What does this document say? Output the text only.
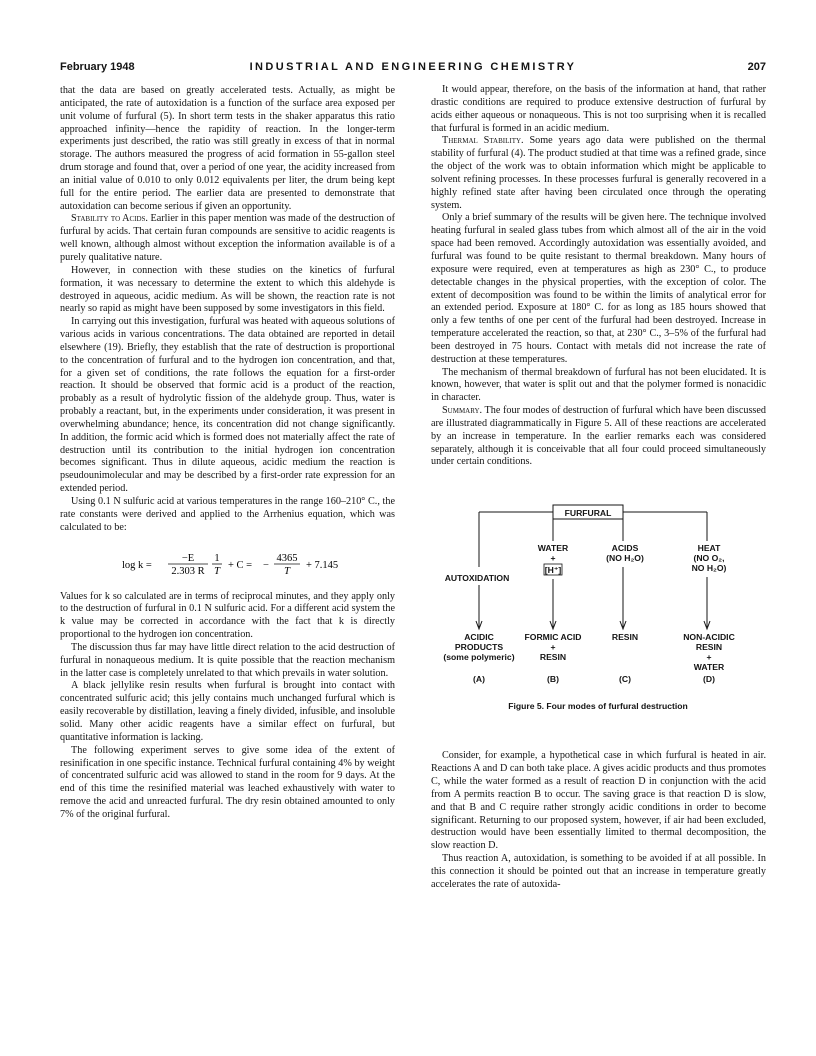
February 1948	INDUSTRIAL AND ENGINEERING CHEMISTRY	207

that the data are based on greatly accelerated tests. Actually, as might be anticipated, the rate of autoxidation is a function of the surface area exposed per unit volume of furfural (5). In short term tests in the shaker apparatus this ratio approached infinity—hence the rapidity of reaction. In the longer-term experiments just described, the ratio was still greatly in excess of that in normal storage. The authors measured the progress of acid formation in 55-gallon steel drum storage and found that, over a period of one year, the acidity increased from an initial value of 0.010 to only 0.012 equivalents per liter, the drum being kept full for the entire period. The earlier data are presented to demonstrate that autoxidation can become serious if given an opportunity.

Stability to Acids. Earlier in this paper mention was made of the destruction of furfural by acids. That certain furan compounds are sensitive to acidic reagents is well known, although almost without exception the information available is of a purely qualitative nature.

However, in connection with these studies on the kinetics of furfural formation, it was necessary to determine the extent to which this aldehyde is destroyed in aqueous, acidic medium. As will be shown, the reaction rate is not nearly so rapid as might have been supposed by some investigators in this field.

In carrying out this investigation, furfural was heated with aqueous solutions of various acids in various concentrations. The data obtained are reported in detail elsewhere (19). Briefly, they establish that the rate of destruction is proportional to the concentration of furfural and to the hydrogen ion concentration, and that, for a given set of conditions, the rate follows the equation for a first-order reaction. It should be observed that formic acid is a product of the reaction, probably as a result of hydrolytic fission of the aldehyde group. Thus, water is probably a reactant, but, in the experiments under consideration, it was present in overwhelming abundance; hence, its concentration did not change significantly. In addition, the formic acid which is formed does not materially affect the rate of destruction until its contribution to the initial hydrogen ion concentration becomes significant. Thus in dilute aqueous, acidic medium the reaction is pseudounimolecular and may be described by a first-order rate expression for an extended period.

Using 0.1 N sulfuric acid at various temperatures in the range 160–210° C., the rate constants were derived and applied to the Arrhenius equation, which was calculated to be:

log k =
−E
2.303 R
1
T
+ C = −
4365
T
+ 7.145

Values for k so calculated are in terms of reciprocal minutes, and they apply only to the destruction of furfural in 0.1 N sulfuric acid. For a different acid system the k value may be corrected in accordance with the fact that k is directly proportional to the hydrogen ion concentration.

The discussion thus far may have little direct relation to the acid destruction of furfural in nonaqueous medium. It is quite possible that the reaction mechanism in the latter case is completely unrelated to that which prevails in water solution.

A black jellylike resin results when furfural is brought into contact with concentrated sulfuric acid; this jelly contains much unchanged furfural which is easily recoverable by distillation, leaving a finely divided, infusible, and insoluble solid. Many other acidic reagents have a similar effect on furfural, but quantitative information is lacking.

The following experiment serves to give some idea of the extent of resinification in one specific instance. Technical furfural containing 4% by weight of concentrated sulfuric acid was allowed to stand in the room for 9 days. At the end of this time the resinified material was leached exhaustively with water to remove the acid and unreacted furfural. The dry resin obtained amounted to only 7% of the original furfural.

It would appear, therefore, on the basis of the information at hand, that rather drastic conditions are required to produce extensive destruction of furfural by acids either aqueous or nonaqueous. This is not too surprising when it is recalled that furfural is formed in an acidic medium.

Thermal Stability. Some years ago data were published on the thermal stability of furfural (4). The product studied at that time was a refined grade, since the object of the work was to obtain information which might be applicable to solvent refining processes. In these processes furfural is generally recovered in a highly refined state after having been circulated once through the operating system.

Only a brief summary of the results will be given here. The technique involved heating furfural in sealed glass tubes from which almost all of the air in the void space had been removed. Accordingly autoxidation was essentially avoided, and furfural was found to be quite resistant to thermal breakdown. Many hours of exposure were required, even at temperatures as high as 230° C., to produce detectable changes in the physical properties, with the exception of color. The extent of decomposition was found to be within the limits of analytical error for an extended period. Exposure at 180° C. for as long as 185 hours showed that only a few tenths of one per cent of the furfural had been destroyed. Increase in temperature accelerated the reaction, so that, at 230° C., 3–5% of the furfural had been destroyed in 75 hours. Contact with metals did not increase the rate of destruction at these temperatures.

The mechanism of thermal breakdown of furfural has not been elucidated. It is known, however, that water is split out and that the polymer formed is nonacidic in character.

Summary. The four modes of destruction of furfural which have been discussed are illustrated diagrammatically in Figure 5. All of these reactions are accelerated by an increase in temperature. In the earlier remarks each was considered separately, although it is conceivable that all four could proceed simultaneously under certain conditions.

FURFURAL
AUTOXIDATION
ACIDIC
PRODUCTS
(some polymeric)
(A)
WATER
+
[H⁺]
FORMIC ACID
+
RESIN
(B)
ACIDS
(NO H₂O)
RESIN
(C)
HEAT
(NO O₂,
NO H₂O)
NON-ACIDIC
RESIN
+
WATER
(D)
Figure 5. Four modes of furfural destruction

Consider, for example, a hypothetical case in which furfural is heated in air. Reactions A and D can both take place. A gives acidic products and thus promotes C, while the water formed as a result of reaction D in conjunction with the acid from A permits reaction B to occur. The saving grace is that reaction D is slow, and that B and C require rather strongly acidic conditions in order to become significant. Returning to our proposed system, however, if air had been excluded, destruction would have been essentially limited to thermal decomposition, the slow reaction D.

Thus reaction A, autoxidation, is something to be avoided if at all possible. In this connection it should be pointed out that an increase in temperature greatly accelerates the rate of autoxida-
